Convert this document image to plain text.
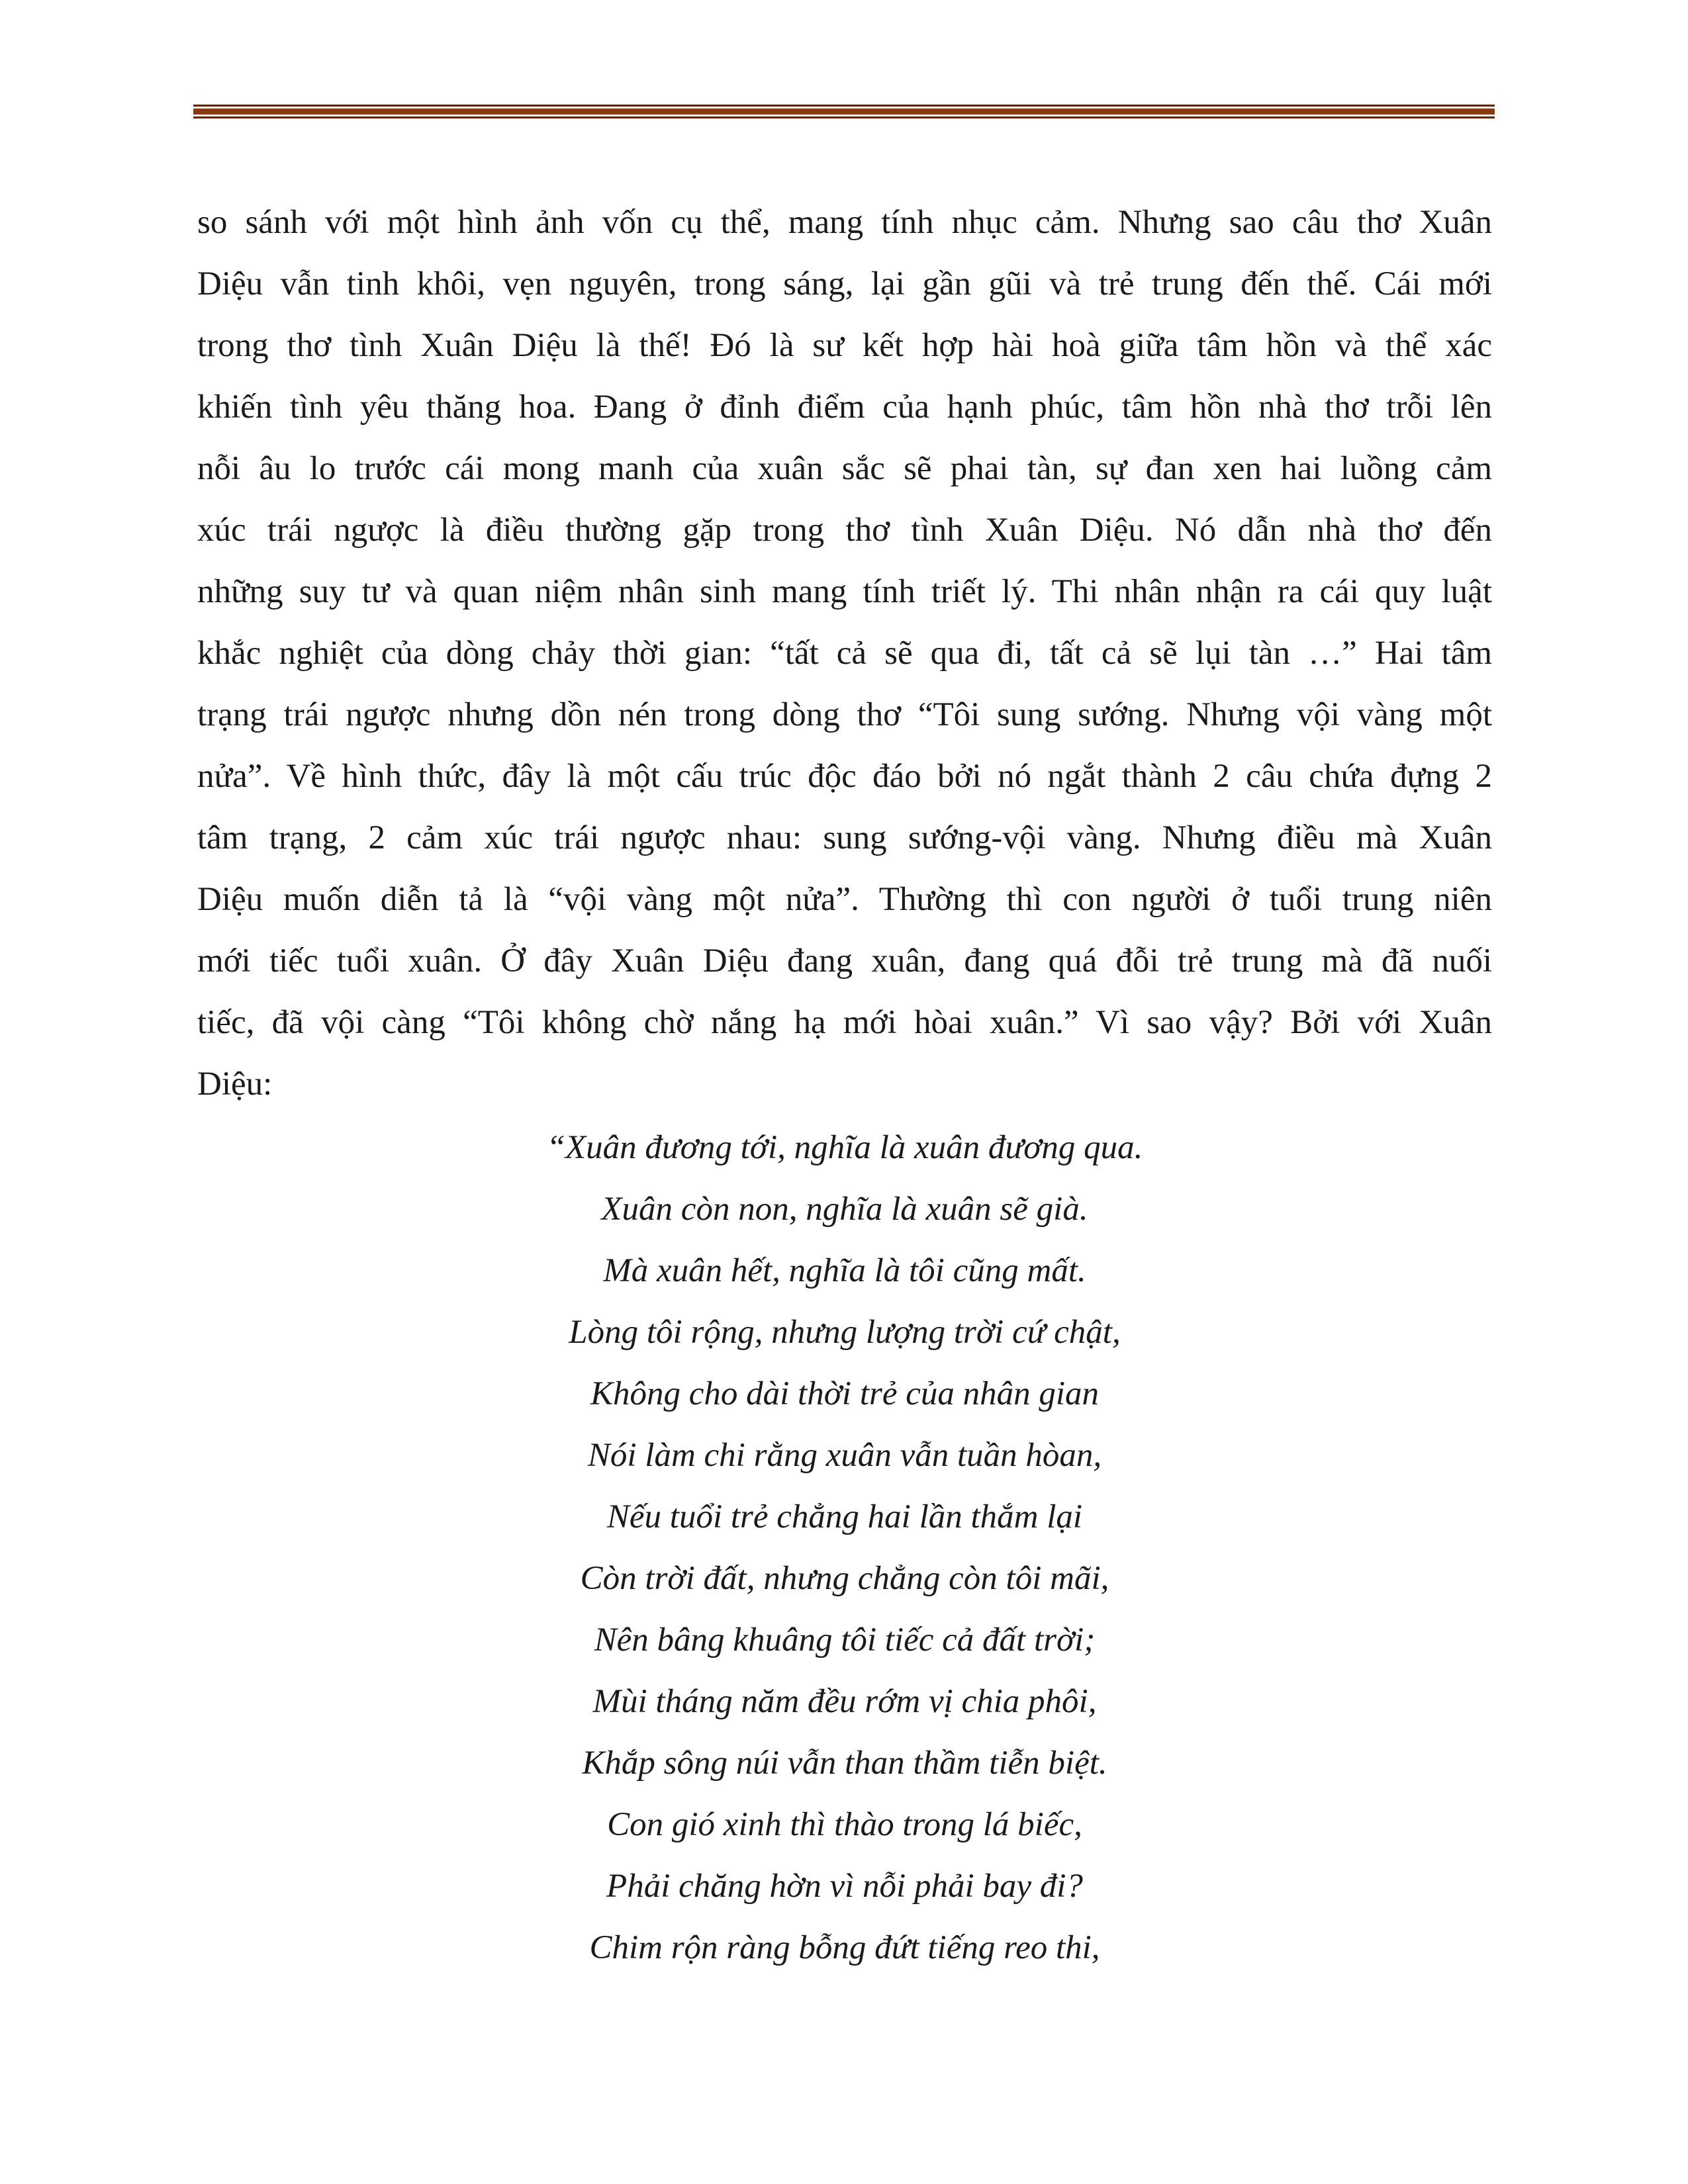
so sánh với một hình ảnh vốn cụ thể, mang tính nhục cảm. Nhưng sao câu thơ Xuân
Diệu vẫn tinh khôi, vẹn nguyên, trong sáng, lại gần gũi và trẻ trung đến thế. Cái mới
trong thơ tình Xuân Diệu là thế! Đó là sư kết hợp hài hoà giữa tâm hồn và thể xác
khiến tình yêu thăng hoa. Đang ở đỉnh điểm của hạnh phúc, tâm hồn nhà thơ trỗi lên
nỗi âu lo trước cái mong manh của xuân sắc sẽ phai tàn, sự đan xen hai luồng cảm
xúc trái ngược là điều thường gặp trong thơ tình Xuân Diệu. Nó dẫn nhà thơ đến
những suy tư và quan niệm nhân sinh mang tính triết lý. Thi nhân nhận ra cái quy luật
khắc nghiệt của dòng chảy thời gian: “tất cả sẽ qua đi, tất cả sẽ lụi tàn …” Hai tâm
trạng trái ngược nhưng dồn nén trong dòng thơ “Tôi sung sướng. Nhưng vội vàng một
nửa”. Về hình thức, đây là một cấu trúc độc đáo bởi nó ngắt thành 2 câu chứa đựng 2
tâm trạng, 2 cảm xúc trái ngược nhau: sung sướng-vội vàng. Nhưng điều mà Xuân
Diệu muốn diễn tả là “vội vàng một nửa”. Thường thì con người ở tuổi trung niên
mới tiếc tuổi xuân. Ở đây Xuân Diệu đang xuân, đang quá đỗi trẻ trung mà đã nuối
tiếc, đã vội càng “Tôi không chờ nắng hạ mới hòai xuân.” Vì sao vậy? Bởi với Xuân
Diệu:
“Xuân đương tới, nghĩa là xuân đương qua.
Xuân còn non, nghĩa là xuân sẽ già.
Mà xuân hết, nghĩa là tôi cũng mất.
Lòng tôi rộng, nhưng lượng trời cứ chật,
Không cho dài thời trẻ của nhân gian
Nói làm chi rằng xuân vẫn tuần hòan,
Nếu tuổi trẻ chẳng hai lần thắm lại
Còn trời đất, nhưng chẳng còn tôi mãi,
Nên bâng khuâng tôi tiếc cả đất trời;
Mùi tháng năm đều rớm vị chia phôi,
Khắp sông núi vẫn than thầm tiễn biệt.
Con gió xinh thì thào trong lá biếc,
Phải chăng hờn vì nỗi phải bay đi?
Chim rộn ràng bỗng đứt tiếng reo thi,
